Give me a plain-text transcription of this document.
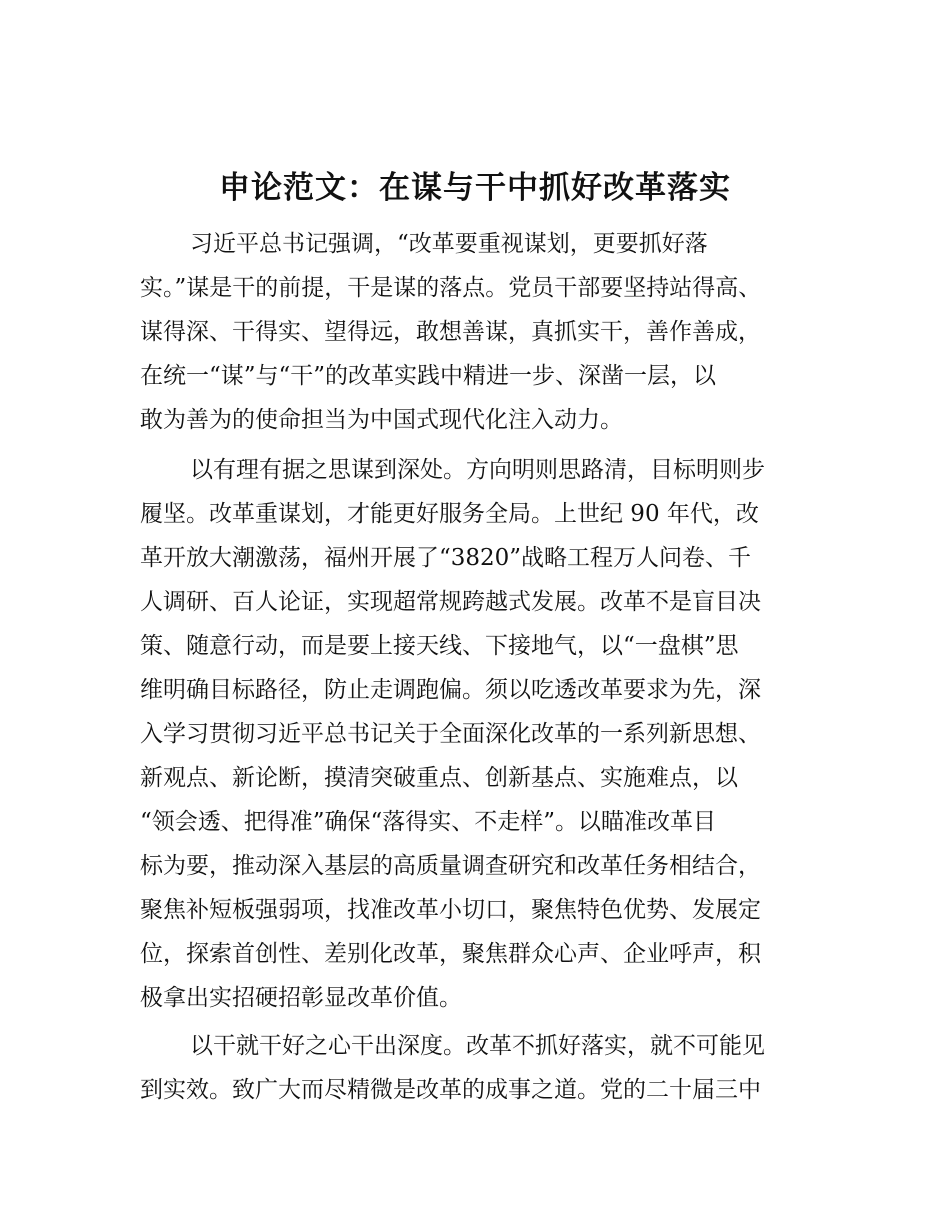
申论范文：在谋与干中抓好改革落实
习近平总书记强调，“改革要重视谋划，更要抓好落
实。”谋是干的前提，干是谋的落点。党员干部要坚持站得高、
谋得深、干得实、望得远，敢想善谋，真抓实干，善作善成，
在统一“谋”与“干”的改革实践中精进一步、深凿一层，以
敢为善为的使命担当为中国式现代化注入动力。
以有理有据之思谋到深处。方向明则思路清，目标明则步
履坚。改革重谋划，才能更好服务全局。上世纪 90 年代，改
革开放大潮激荡，福州开展了“3820”战略工程万人问卷、千
人调研、百人论证，实现超常规跨越式发展。改革不是盲目决
策、随意行动，而是要上接天线、下接地气，以“一盘棋”思
维明确目标路径，防止走调跑偏。须以吃透改革要求为先，深
入学习贯彻习近平总书记关于全面深化改革的一系列新思想、
新观点、新论断，摸清突破重点、创新基点、实施难点，以
“领会透、把得准”确保“落得实、不走样”。以瞄准改革目
标为要，推动深入基层的高质量调查研究和改革任务相结合，
聚焦补短板强弱项，找准改革小切口，聚焦特色优势、发展定
位，探索首创性、差别化改革，聚焦群众心声、企业呼声，积
极拿出实招硬招彰显改革价值。
以干就干好之心干出深度。改革不抓好落实，就不可能见
到实效。致广大而尽精微是改革的成事之道。党的二十届三中
